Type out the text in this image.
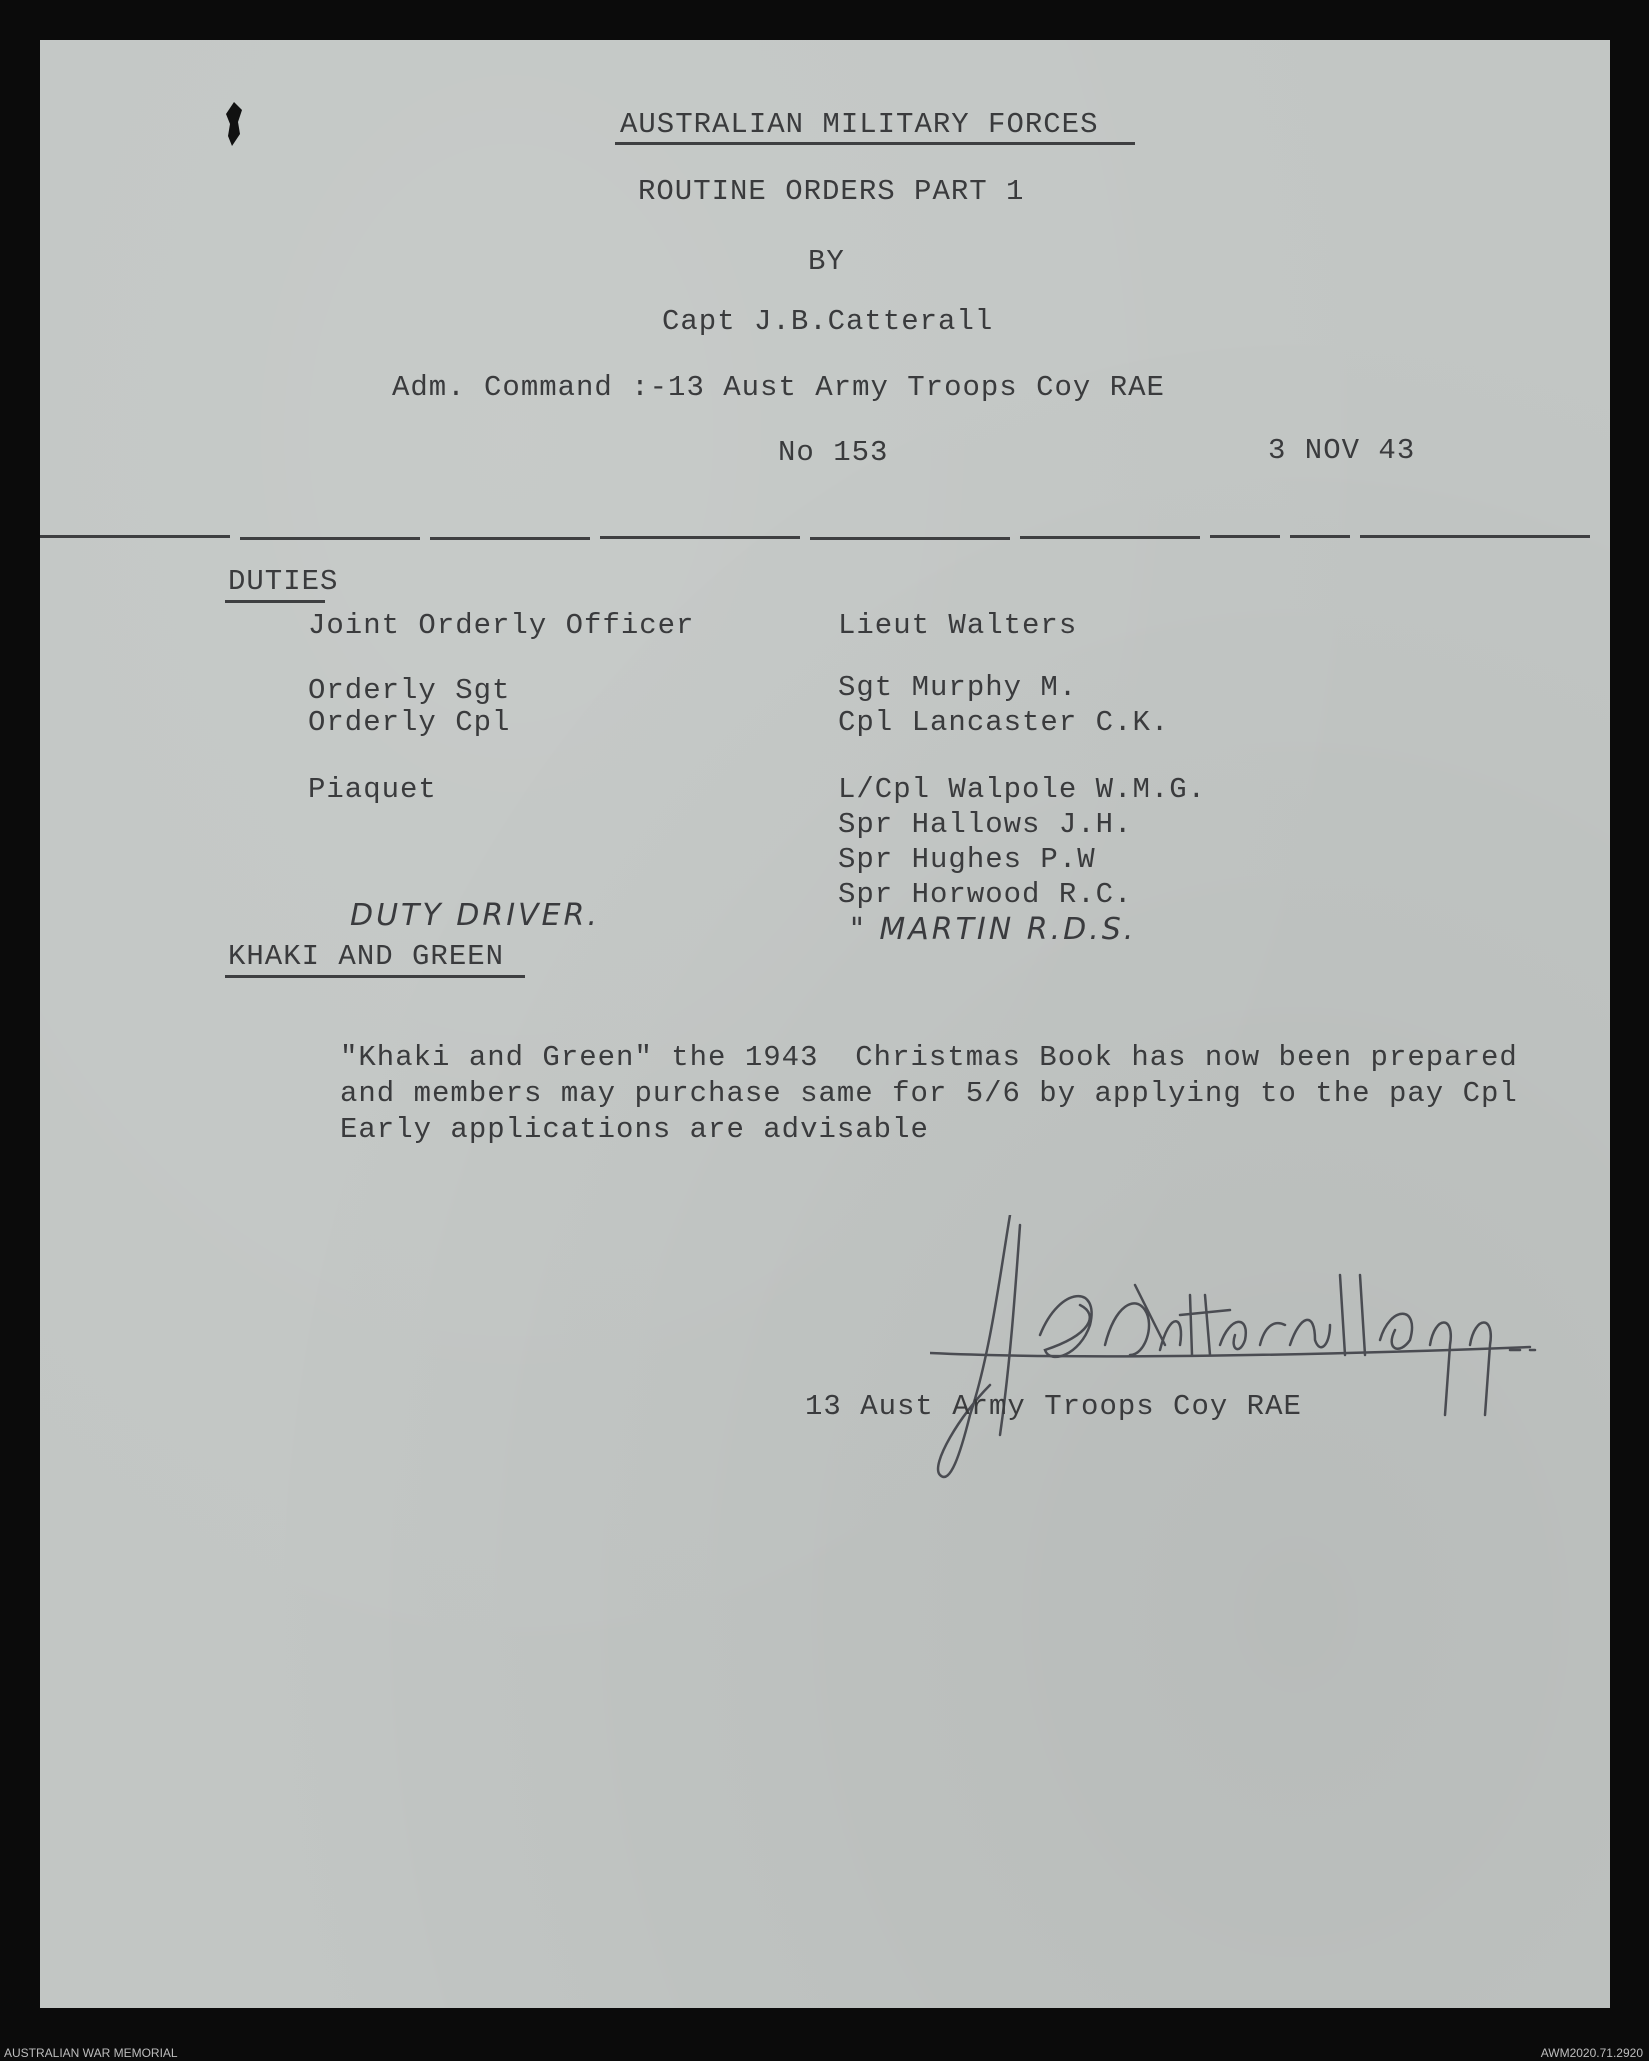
AUSTRALIAN MILITARY FORCES
ROUTINE ORDERS PART 1
BY
Capt J.B.Catterall
Adm. Command :-13 Aust Army Troops Coy RAE
No 153	3 NOV 43
DUTIES
Joint Orderly Officer	Lieut Walters
Orderly Sgt	Sgt Murphy M.
Orderly Cpl	Cpl Lancaster C.K.
Piaquet	L/Cpl Walpole W.M.G.
Spr Hallows J.H.
Spr Hughes P.W
Spr Horwood R.C.
DUTY DRIVER.	" MARTIN R.D.S.
KHAKI AND GREEN
"Khaki and Green" the 1943  Christmas Book has now been prepared
and members may purchase same for 5/6 by applying to the pay Cpl
Early applications are advisable
13 Aust Army Troops Coy RAE
AUSTRALIAN WAR MEMORIAL	AWM2020.71.2920
